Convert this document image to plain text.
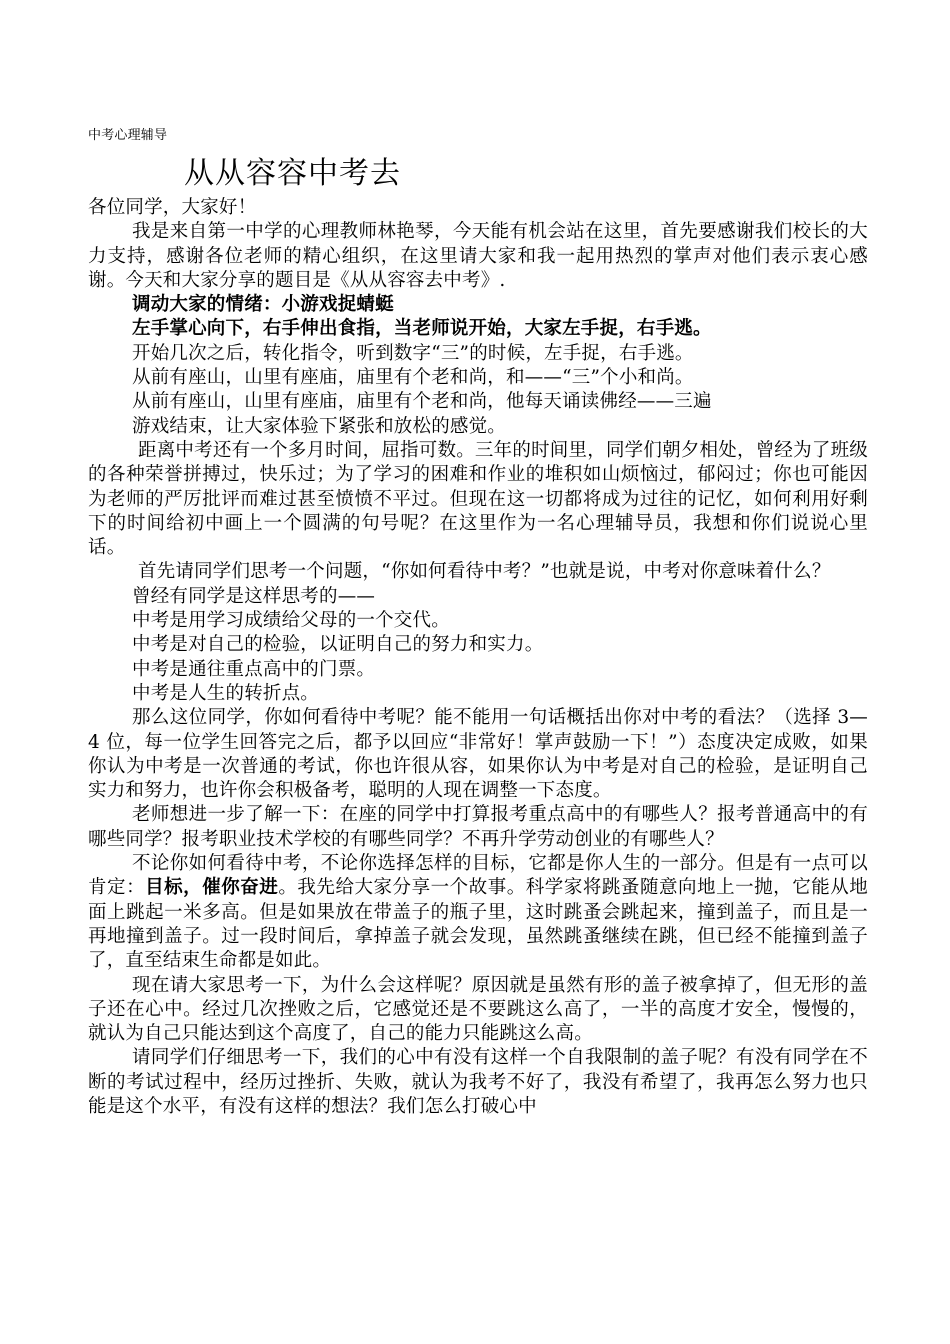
中考心理辅导

从从容容中考去

各位同学，大家好！

我是来自第一中学的心理教师林艳琴，今天能有机会站在这里，首先要感谢我们校长的大力支持，感谢各位老师的精心组织，在这里请大家和我一起用热烈的掌声对他们表示衷心感谢。今天和大家分享的题目是《从从容容去中考》.

调动大家的情绪：小游戏捉蜻蜓

左手掌心向下，右手伸出食指，当老师说开始，大家左手捉，右手逃。

开始几次之后，转化指令，听到数字“三”的时候，左手捉，右手逃。

从前有座山，山里有座庙，庙里有个老和尚，和——“三”个小和尚。

从前有座山，山里有座庙，庙里有个老和尚，他每天诵读佛经——三遍

游戏结束，让大家体验下紧张和放松的感觉。

距离中考还有一个多月时间，屈指可数。三年的时间里，同学们朝夕相处，曾经为了班级的各种荣誉拼搏过，快乐过；为了学习的困难和作业的堆积如山烦恼过，郁闷过；你也可能因为老师的严厉批评而难过甚至愤愤不平过。但现在这一切都将成为过往的记忆，如何利用好剩下的时间给初中画上一个圆满的句号呢？在这里作为一名心理辅导员，我想和你们说说心里话。

首先请同学们思考一个问题，“你如何看待中考？”也就是说，中考对你意味着什么？

曾经有同学是这样思考的——

中考是用学习成绩给父母的一个交代。

中考是对自己的检验，以证明自己的努力和实力。

中考是通往重点高中的门票。

中考是人生的转折点。

那么这位同学，你如何看待中考呢？能不能用一句话概括出你对中考的看法？（选择 3—4 位，每一位学生回答完之后，都予以回应“非常好！掌声鼓励一下！”）态度决定成败，如果你认为中考是一次普通的考试，你也许很从容，如果你认为中考是对自己的检验，是证明自己实力和努力，也许你会积极备考，聪明的人现在调整一下态度。

老师想进一步了解一下：在座的同学中打算报考重点高中的有哪些人？报考普通高中的有哪些同学？报考职业技术学校的有哪些同学？不再升学劳动创业的有哪些人？

不论你如何看待中考，不论你选择怎样的目标，它都是你人生的一部分。但是有一点可以肯定：目标，催你奋进。我先给大家分享一个故事。科学家将跳蚤随意向地上一抛，它能从地面上跳起一米多高。但是如果放在带盖子的瓶子里，这时跳蚤会跳起来，撞到盖子，而且是一再地撞到盖子。过一段时间后，拿掉盖子就会发现，虽然跳蚤继续在跳，但已经不能撞到盖子了，直至结束生命都是如此。

现在请大家思考一下，为什么会这样呢？原因就是虽然有形的盖子被拿掉了，但无形的盖子还在心中。经过几次挫败之后，它感觉还是不要跳这么高了，一半的高度才安全，慢慢的，就认为自己只能达到这个高度了，自己的能力只能跳这么高。

请同学们仔细思考一下，我们的心中有没有这样一个自我限制的盖子呢？有没有同学在不断的考试过程中，经历过挫折、失败，就认为我考不好了，我没有希望了，我再怎么努力也只能是这个水平，有没有这样的想法？我们怎么打破心中
